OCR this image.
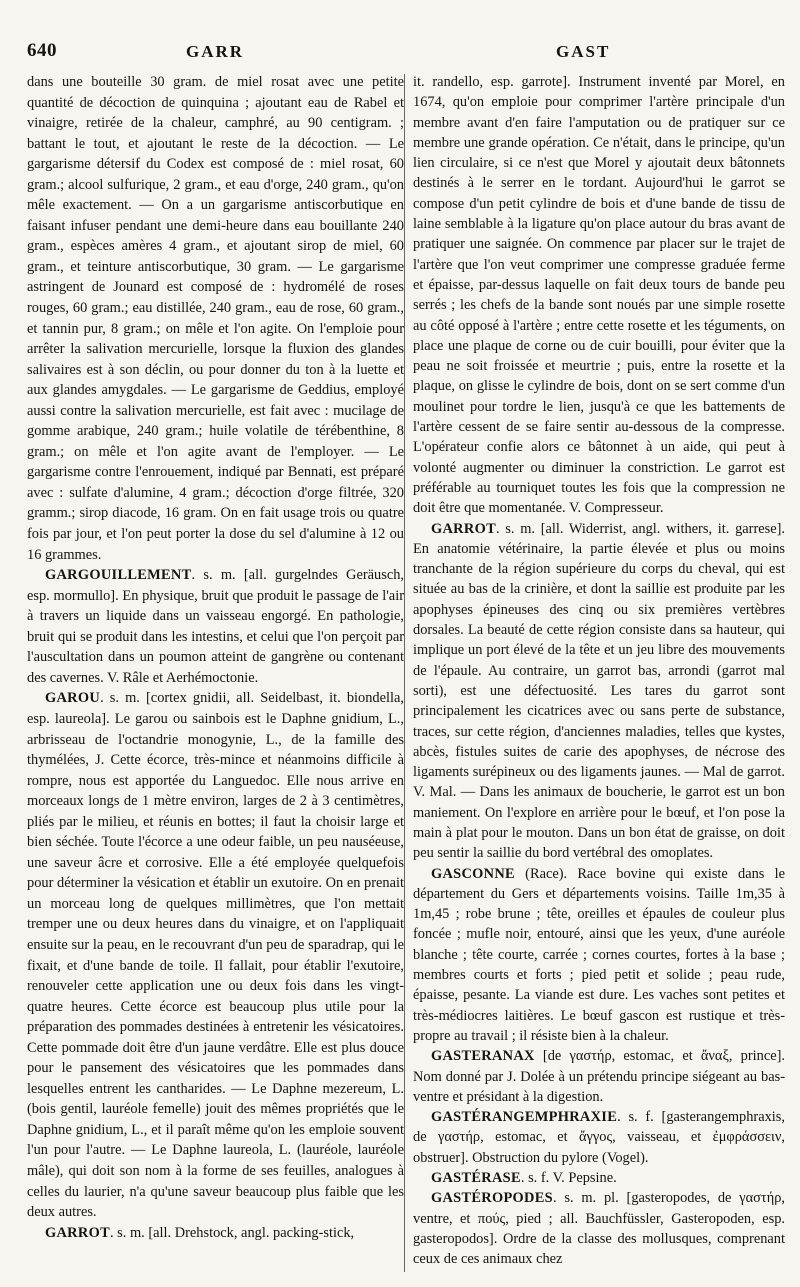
640	GARR	GAST

dans une bouteille 30 gram. de miel rosat avec une petite quantité de décoction de quinquina ; ajoutant eau de Rabel et vinaigre, retirée de la chaleur, camphré, au 90 centigram. ; battant le tout, et ajoutant le reste de la décoction. — Le gargarisme détersif du Codex est composé de : miel rosat, 60 gram.; alcool sulfurique, 2 gram., et eau d'orge, 240 gram., qu'on mêle exactement. — On a un gargarisme antiscorbutique en faisant infuser pendant une demi-heure dans eau bouillante 240 gram., espèces amères 4 gram., et ajoutant sirop de miel, 60 gram., et teinture antiscorbutique, 30 gram. — Le gargarisme astringent de Jounard est composé de : hydromélé de roses rouges, 60 gram.; eau distillée, 240 gram., eau de rose, 60 gram., et tannin pur, 8 gram.; on mêle et l'on agite. On l'emploie pour arrêter la salivation mercurielle, lorsque la fluxion des glandes salivaires est à son déclin, ou pour donner du ton à la luette et aux glandes amygdales. — Le gargarisme de Geddius, employé aussi contre la salivation mercurielle, est fait avec : mucilage de gomme arabique, 240 gram.; huile volatile de térébenthine, 8 gram.; on mêle et l'on agite avant de l'employer. — Le gargarisme contre l'enrouement, indiqué par Bennati, est préparé avec : sulfate d'alumine, 4 gram.; décoction d'orge filtrée, 320 gramm.; sirop diacode, 16 gram. On en fait usage trois ou quatre fois par jour, et l'on peut porter la dose du sel d'alumine à 12 ou 16 grammes.

GARGOUILLEMENT. s. m. [all. gurgelndes Geräusch, esp. mormullo]. En physique, bruit que produit le passage de l'air à travers un liquide dans un vaisseau engorgé. En pathologie, bruit qui se produit dans les intestins, et celui que l'on perçoit par l'auscultation dans un poumon atteint de gangrène ou contenant des cavernes. V. Râle et Aerhémoctonie.

GAROU. s. m. [cortex gnidii, all. Seidelbast, it. biondella, esp. laureola]. Le garou ou sainbois est le Daphne gnidium, L., arbrisseau de l'octandrie monogynie, L., de la famille des thymélées, J. Cette écorce, très-mince et néanmoins difficile à rompre, nous est apportée du Languedoc. Elle nous arrive en morceaux longs de 1 mètre environ, larges de 2 à 3 centimètres, pliés par le milieu, et réunis en bottes; il faut la choisir large et bien séchée. Toute l'écorce a une odeur faible, un peu nauséeuse, une saveur âcre et corrosive. Elle a été employée quelquefois pour déterminer la vésication et établir un exutoire. On en prenait un morceau long de quelques millimètres, que l'on mettait tremper une ou deux heures dans du vinaigre, et on l'appliquait ensuite sur la peau, en le recouvrant d'un peu de sparadrap, qui le fixait, et d'une bande de toile. Il fallait, pour établir l'exutoire, renouveler cette application une ou deux fois dans les vingt-quatre heures. Cette écorce est beaucoup plus utile pour la préparation des pommades destinées à entretenir les vésicatoires. Cette pommade doit être d'un jaune verdâtre. Elle est plus douce pour le pansement des vésicatoires que les pommades dans lesquelles entrent les cantharides. — Le Daphne mezereum, L. (bois gentil, lauréole femelle) jouit des mêmes propriétés que le Daphne gnidium, L., et il paraît même qu'on les emploie souvent l'un pour l'autre. — Le Daphne laureola, L. (lauréole, lauréole mâle), qui doit son nom à la forme de ses feuilles, analogues à celles du laurier, n'a qu'une saveur beaucoup plus faible que les deux autres.

GARROT. s. m. [all. Drehstock, angl. packing-stick,

it. randello, esp. garrote]. Instrument inventé par Morel, en 1674, qu'on emploie pour comprimer l'artère principale d'un membre avant d'en faire l'amputation ou de pratiquer sur ce membre une grande opération. Ce n'était, dans le principe, qu'un lien circulaire, si ce n'est que Morel y ajoutait deux bâtonnets destinés à le serrer en le tordant. Aujourd'hui le garrot se compose d'un petit cylindre de bois et d'une bande de tissu de laine semblable à la ligature qu'on place autour du bras avant de pratiquer une saignée. On commence par placer sur le trajet de l'artère que l'on veut comprimer une compresse graduée ferme et épaisse, par-dessus laquelle on fait deux tours de bande peu serrés ; les chefs de la bande sont noués par une simple rosette au côté opposé à l'artère ; entre cette rosette et les téguments, on place une plaque de corne ou de cuir bouilli, pour éviter que la peau ne soit froissée et meurtrie ; puis, entre la rosette et la plaque, on glisse le cylindre de bois, dont on se sert comme d'un moulinet pour tordre le lien, jusqu'à ce que les battements de l'artère cessent de se faire sentir au-dessous de la compresse. L'opérateur confie alors ce bâtonnet à un aide, qui peut à volonté augmenter ou diminuer la constriction. Le garrot est préférable au tourniquet toutes les fois que la compression ne doit être que momentanée. V. Compresseur.

GARROT. s. m. [all. Widerrist, angl. withers, it. garrese]. En anatomie vétérinaire, la partie élevée et plus ou moins tranchante de la région supérieure du corps du cheval, qui est située au bas de la crinière, et dont la saillie est produite par les apophyses épineuses des cinq ou six premières vertèbres dorsales. La beauté de cette région consiste dans sa hauteur, qui implique un port élevé de la tête et un jeu libre des mouvements de l'épaule. Au contraire, un garrot bas, arrondi (garrot mal sorti), est une défectuosité. Les tares du garrot sont principalement les cicatrices avec ou sans perte de substance, traces, sur cette région, d'anciennes maladies, telles que kystes, abcès, fistules suites de carie des apophyses, de nécrose des ligaments surépineux ou des ligaments jaunes. — Mal de garrot. V. Mal. — Dans les animaux de boucherie, le garrot est un bon maniement. On l'explore en arrière pour le bœuf, et l'on pose la main à plat pour le mouton. Dans un bon état de graisse, on doit peu sentir la saillie du bord vertébral des omoplates.

GASCONNE (Race). Race bovine qui existe dans le département du Gers et départements voisins. Taille 1m,35 à 1m,45 ; robe brune ; tête, oreilles et épaules de couleur plus foncée ; mufle noir, entouré, ainsi que les yeux, d'une auréole blanche ; tête courte, carrée ; cornes courtes, fortes à la base ; membres courts et forts ; pied petit et solide ; peau rude, épaisse, pesante. La viande est dure. Les vaches sont petites et très-médiocres laitières. Le bœuf gascon est rustique et très-propre au travail ; il résiste bien à la chaleur.

GASTERANAX [de γαστήρ, estomac, et ἄναξ, prince]. Nom donné par J. Dolée à un prétendu principe siégeant au bas-ventre et présidant à la digestion.

GASTÉRANGEMPHRAXIE. s. f. [gasterangemphraxis, de γαστήρ, estomac, et ἄγγος, vaisseau, et ἐμφράσσειν, obstruer]. Obstruction du pylore (Vogel).

GASTÉRASE. s. f. V. Pepsine.

GASTÉROPODES. s. m. pl. [gasteropodes, de γαστήρ, ventre, et πούς, pied ; all. Bauchfüssler, Gasteropoden, esp. gasteropodos]. Ordre de la classe des mollusques, comprenant ceux de ces animaux chez
